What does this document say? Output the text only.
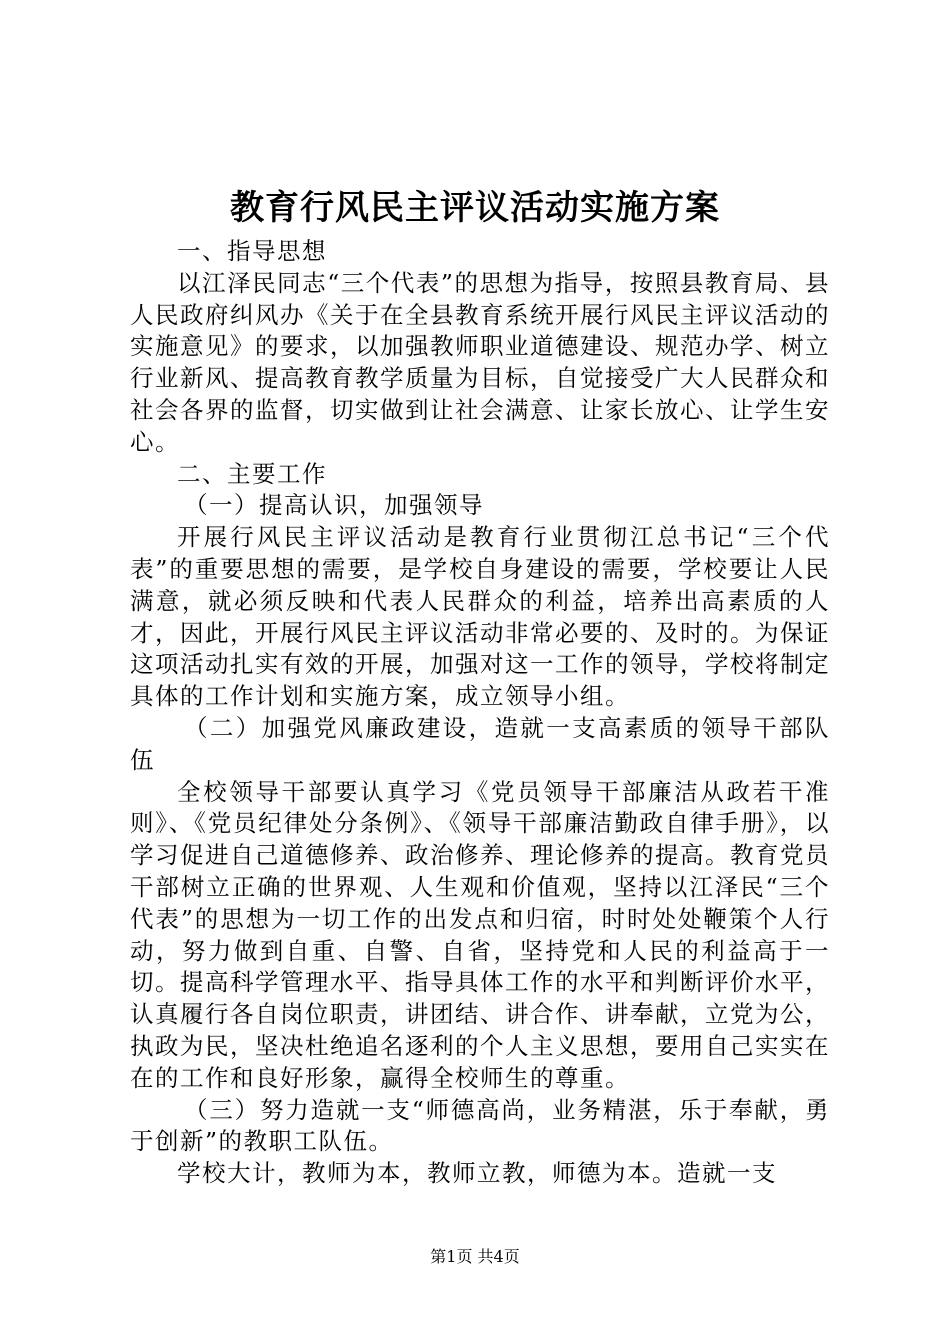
教育行风民主评议活动实施方案

一、指导思想

以江泽民同志“三个代表”的思想为指导，按照县教育局、县人民政府纠风办《关于在全县教育系统开展行风民主评议活动的实施意见》的要求，以加强教师职业道德建设、规范办学、树立行业新风、提高教育教学质量为目标，自觉接受广大人民群众和社会各界的监督，切实做到让社会满意、让家长放心、让学生安心。

二、主要工作

（一）提高认识，加强领导

开展行风民主评议活动是教育行业贯彻江总书记“三个代表”的重要思想的需要，是学校自身建设的需要，学校要让人民满意，就必须反映和代表人民群众的利益，培养出高素质的人才，因此，开展行风民主评议活动非常必要的、及时的。为保证这项活动扎实有效的开展，加强对这一工作的领导，学校将制定具体的工作计划和实施方案，成立领导小组。

（二）加强党风廉政建设，造就一支高素质的领导干部队伍

全校领导干部要认真学习《党员领导干部廉洁从政若干准则》、《党员纪律处分条例》、《领导干部廉洁勤政自律手册》，以学习促进自己道德修养、政治修养、理论修养的提高。教育党员干部树立正确的世界观、人生观和价值观，坚持以江泽民“三个代表”的思想为一切工作的出发点和归宿，时时处处鞭策个人行动，努力做到自重、自警、自省，坚持党和人民的利益高于一切。提高科学管理水平、指导具体工作的水平和判断评价水平，认真履行各自岗位职责，讲团结、讲合作、讲奉献，立党为公，执政为民，坚决杜绝追名逐利的个人主义思想，要用自己实实在在的工作和良好形象，赢得全校师生的尊重。

（三）努力造就一支“师德高尚，业务精湛，乐于奉献，勇于创新”的教职工队伍。

学校大计，教师为本，教师立教，师德为本。造就一支

第1页 共4页
